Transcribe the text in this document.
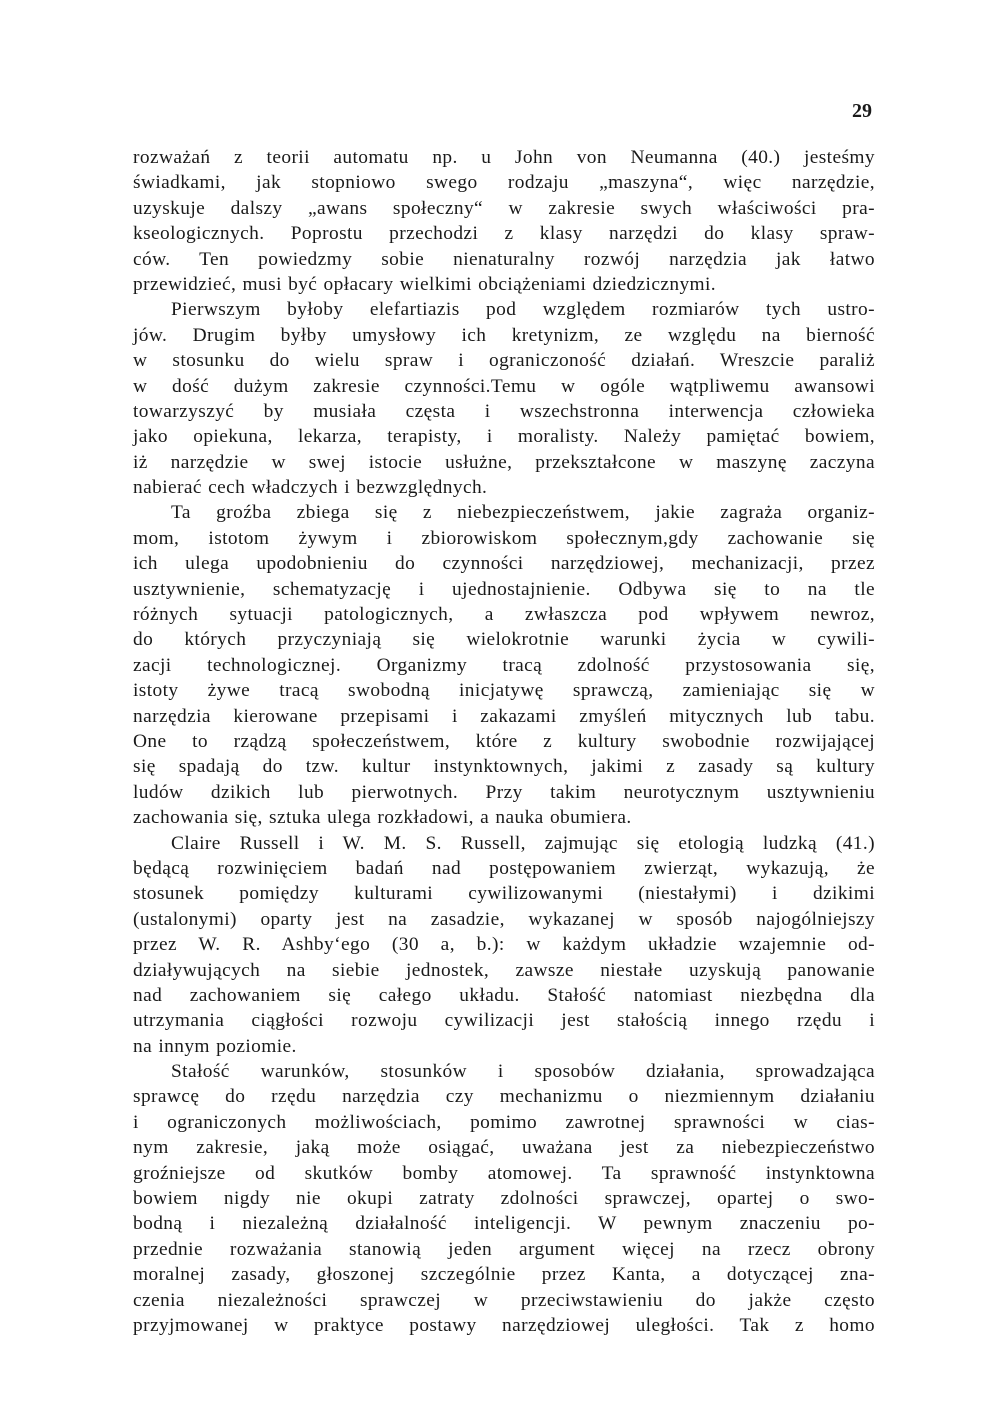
29
rozważań z teorii automatu np. u John von Neumanna (40.) jesteśmy
świadkami, jak stopniowo swego rodzaju „maszyna“, więc narzędzie,
uzyskuje dalszy „awans społeczny“ w zakresie swych właściwości pra-
kseologicznych. Poprostu przechodzi z klasy narzędzi do klasy spraw-
ców. Ten powiedzmy sobie nienaturalny rozwój narzędzia jak łatwo
przewidzieć, musi być opłacary wielkimi obciążeniami dziedzicznymi.
Pierwszym byłoby elefartiazis pod względem rozmiarów tych ustro-
jów. Drugim byłby umysłowy ich kretynizm, ze względu na bierność
w stosunku do wielu spraw i ograniczoność działań. Wreszcie paraliż
w dość dużym zakresie czynności.Temu w ogóle wątpliwemu awansowi
towarzyszyć by musiała częsta i wszechstronna interwencja człowieka
jako opiekuna, lekarza, terapisty, i moralisty. Należy pamiętać bowiem,
iż narzędzie w swej istocie usłużne, przekształcone w maszynę zaczyna
nabierać cech władczych i bezwzględnych.
Ta groźba zbiega się z niebezpieczeństwem, jakie zagraża organiz-
mom, istotom żywym i zbiorowiskom społecznym,gdy zachowanie się
ich ulega upodobnieniu do czynności narzędziowej, mechanizacji, przez
usztywnienie, schematyzację i ujednostajnienie. Odbywa się to na tle
różnych sytuacji patologicznych, a zwłaszcza pod wpływem newroz,
do których przyczyniają się wielokrotnie warunki życia w cywili-
zacji technologicznej. Organizmy tracą zdolność przystosowania się,
istoty żywe tracą swobodną inicjatywę sprawczą, zamieniając się w
narzędzia kierowane przepisami i zakazami zmyśleń mitycznych lub tabu.
One to rządzą społeczeństwem, które z kultury swobodnie rozwijającej
się spadają do tzw. kultur instynktownych, jakimi z zasady są kultury
ludów dzikich lub pierwotnych. Przy takim neurotycznym usztywnieniu
zachowania się, sztuka ulega rozkładowi, a nauka obumiera.
Claire Russell i W. M. S. Russell, zajmując się etologią ludzką (41.)
będącą rozwinięciem badań nad postępowaniem zwierząt, wykazują, że
stosunek pomiędzy kulturami cywilizowanymi (niestałymi) i dzikimi
(ustalonymi) oparty jest na zasadzie, wykazanej w sposób najogólniejszy
przez W. R. Ashby‘ego (30 a, b.): w każdym układzie wzajemnie od-
działywujących na siebie jednostek, zawsze niestałe uzyskują panowanie
nad zachowaniem się całego układu. Stałość natomiast niezbędna dla
utrzymania ciągłości rozwoju cywilizacji jest stałością innego rzędu i
na innym poziomie.
Stałość warunków, stosunków i sposobów działania, sprowadzająca
sprawcę do rzędu narzędzia czy mechanizmu o niezmiennym działaniu
i ograniczonych możliwościach, pomimo zawrotnej sprawności w cias-
nym zakresie, jaką może osiągać, uważana jest za niebezpieczeństwo
groźniejsze od skutków bomby atomowej. Ta sprawność instynktowna
bowiem nigdy nie okupi zatraty zdolności sprawczej, opartej o swo-
bodną i niezależną działalność inteligencji. W pewnym znaczeniu po-
przednie rozważania stanowią jeden argument więcej na rzecz obrony
moralnej zasady, głoszonej szczególnie przez Kanta, a dotyczącej zna-
czenia niezależności sprawczej w przeciwstawieniu do jakże często
przyjmowanej w praktyce postawy narzędziowej uległości. Tak z homo
